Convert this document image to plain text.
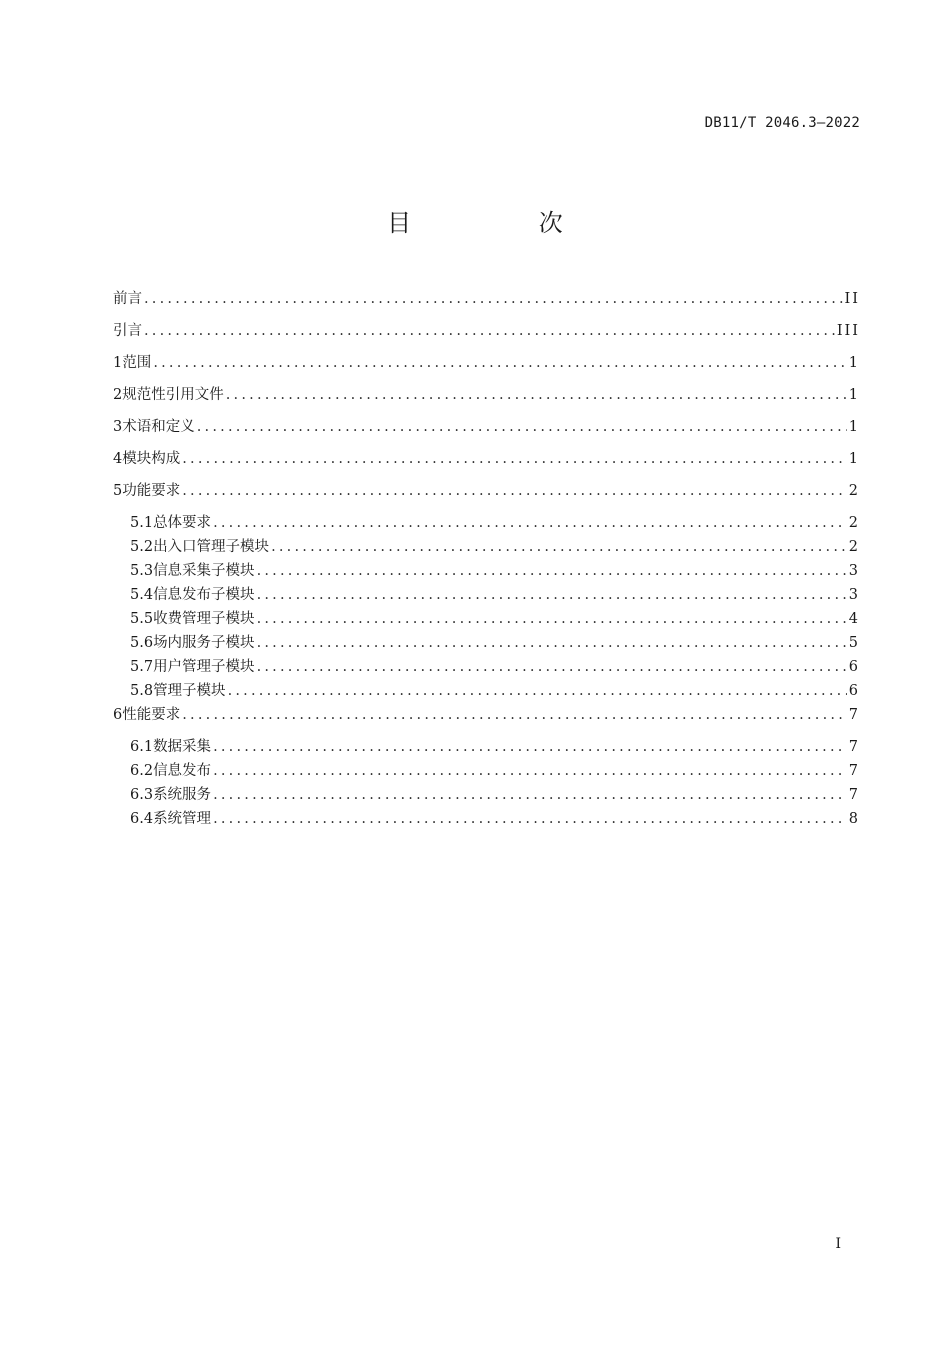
DB11/T 2046.3—2022
目 次
前言 .....	II
引言 .....	III
1 范围 .....	1
2 规范性引用文件 .....	1
3 术语和定义 .....	1
4 模块构成 .....	1
5 功能要求 .....	2
5.1 总体要求 .....	2
5.2 出入口管理子模块 .....	2
5.3 信息采集子模块 .....	3
5.4 信息发布子模块 .....	3
5.5 收费管理子模块 .....	4
5.6 场内服务子模块 .....	5
5.7 用户管理子模块 .....	6
5.8 管理子模块 .....	6
6 性能要求 .....	7
6.1 数据采集 .....	7
6.2 信息发布 .....	7
6.3 系统服务 .....	7
6.4 系统管理 .....	8
I
